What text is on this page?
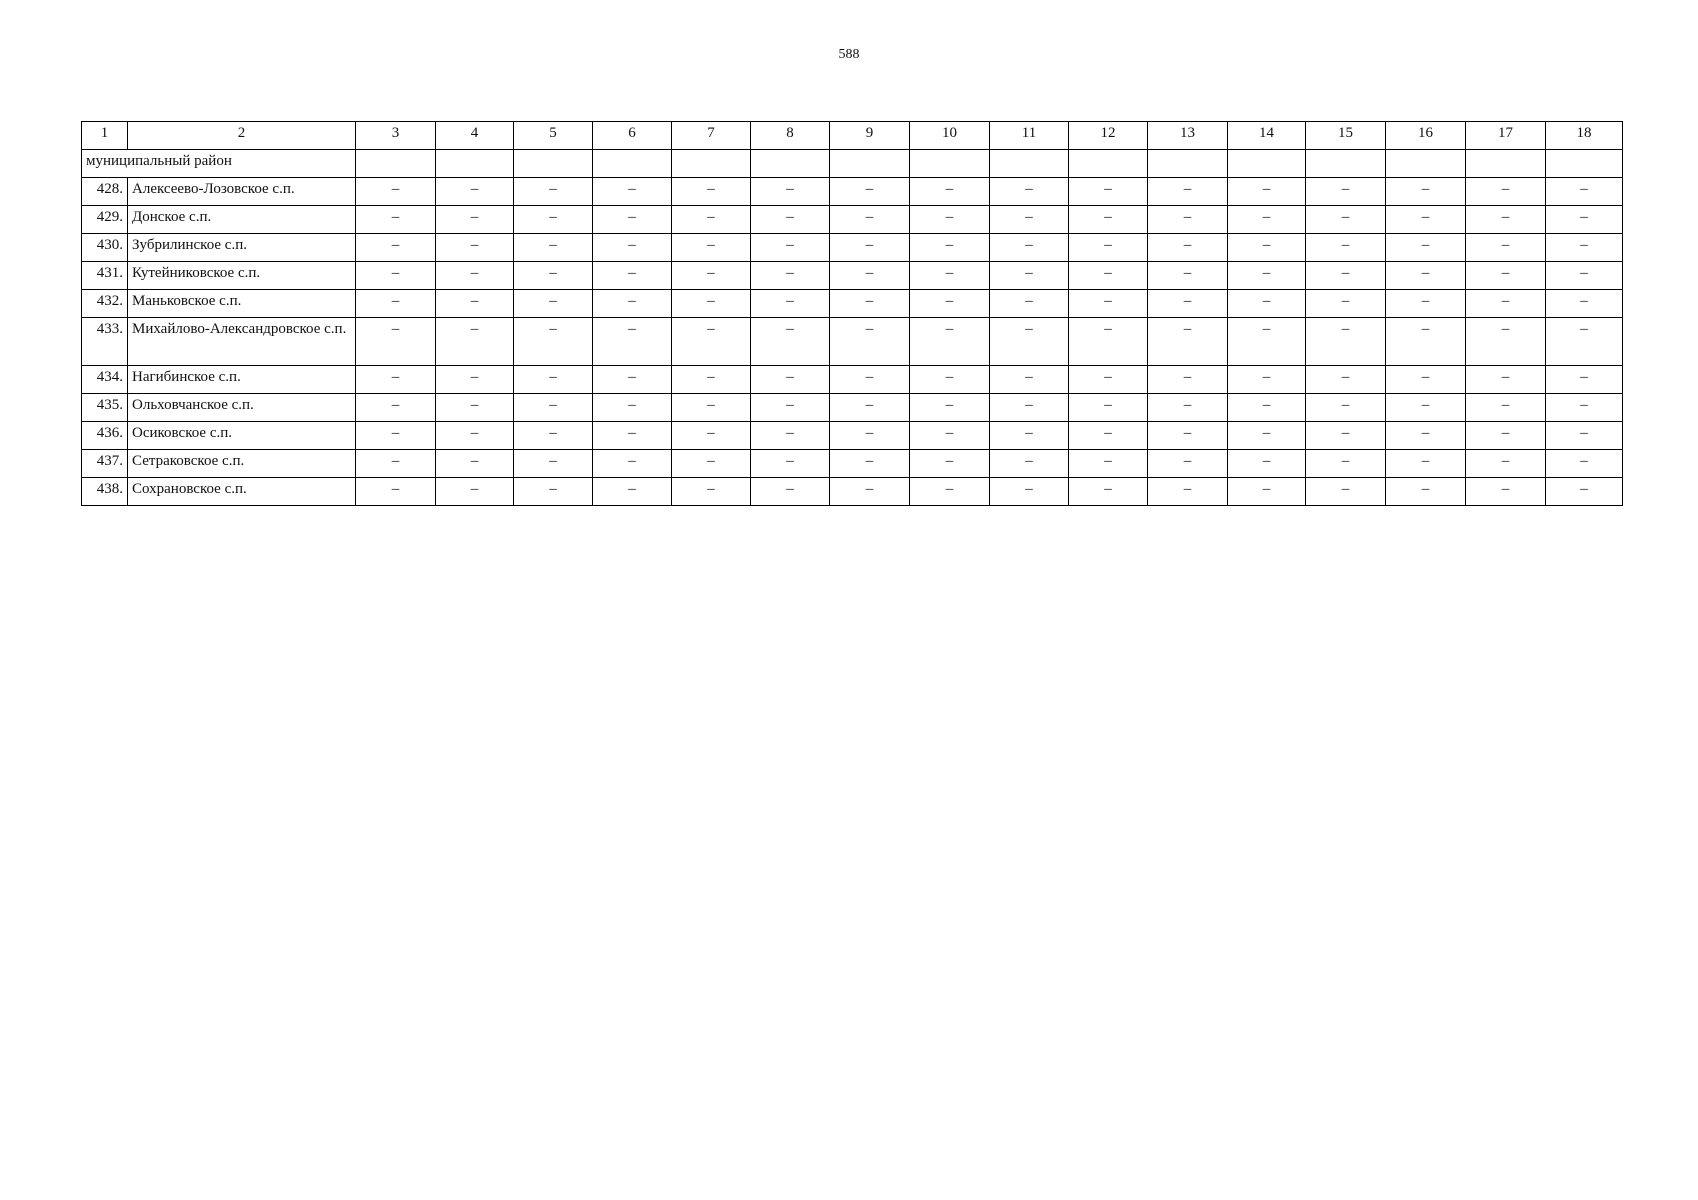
588
1	2	3	4	5	6	7	8	9	10	11	12	13	14	15	16	17	18
муниципальный район																	
428.	Алексеево-Лозовское с.п.	–	–	–	–	–	–	–	–	–	–	–	–	–	–	–	–
429.	Донское с.п.	–	–	–	–	–	–	–	–	–	–	–	–	–	–	–	–
430.	Зубрилинское с.п.	–	–	–	–	–	–	–	–	–	–	–	–	–	–	–	–
431.	Кутейниковское с.п.	–	–	–	–	–	–	–	–	–	–	–	–	–	–	–	–
432.	Маньковское с.п.	–	–	–	–	–	–	–	–	–	–	–	–	–	–	–	–
433.	Михайлово-Александровское с.п.	–	–	–	–	–	–	–	–	–	–	–	–	–	–	–	–
434.	Нагибинское с.п.	–	–	–	–	–	–	–	–	–	–	–	–	–	–	–	–
435.	Ольховчанское с.п.	–	–	–	–	–	–	–	–	–	–	–	–	–	–	–	–
436.	Осиковское с.п.	–	–	–	–	–	–	–	–	–	–	–	–	–	–	–	–
437.	Сетраковское с.п.	–	–	–	–	–	–	–	–	–	–	–	–	–	–	–	–
438.	Сохрановское с.п.	–	–	–	–	–	–	–	–	–	–	–	–	–	–	–	–
